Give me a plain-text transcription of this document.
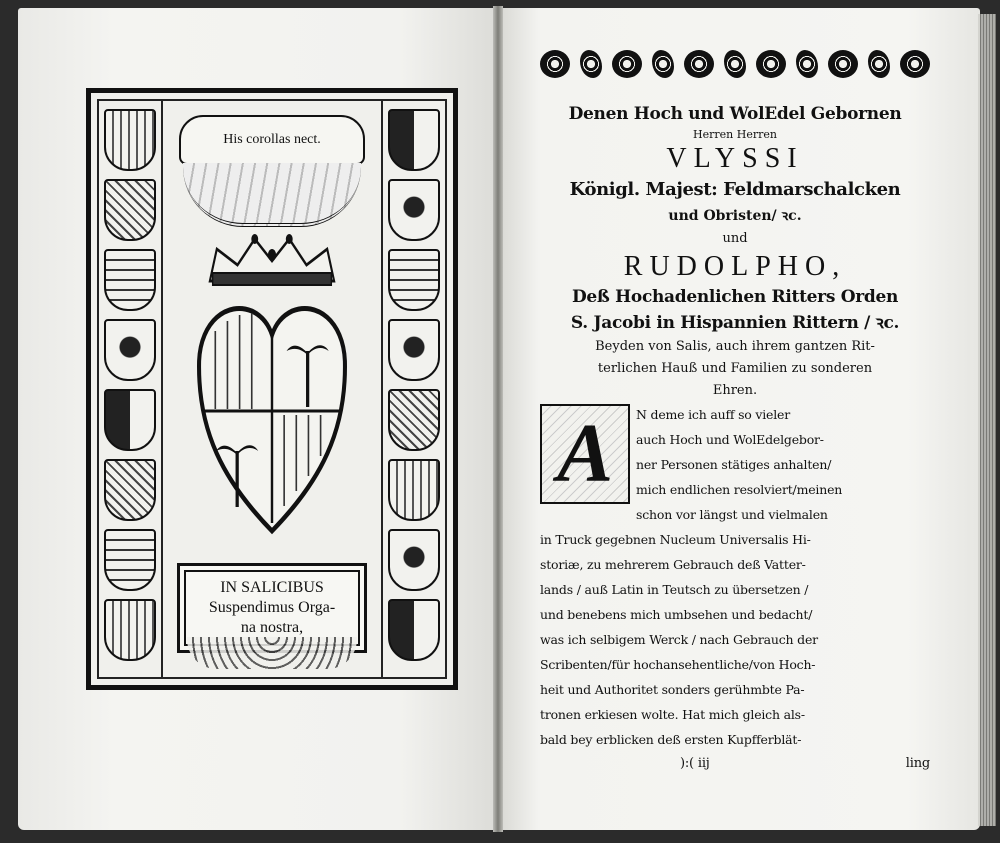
His corollas nect.
IN SALICIBUS
Suspendimus Orga-
na nostra,
Denen Hoch und WolEdel Gebornen
Herren Herren
VLYSSI
Königl. Majest: Feldmarschalcken
und Obristen/ ꝛc.
und
RUDOLPHO,
Deß Hochadenlichen Ritters Orden
S. Jacobi in Hispannien Rittern / ꝛc.
Beyden von Salis, auch ihrem gantzen Rit-
terlichen Hauß und Familien zu sonderen
Ehren.
A	N deme ich auff so vieler
auch Hoch und WolEdelgebor-
ner Personen stätiges anhalten/
mich endlichen resolviert/meinen
schon vor längst und vielmalen
in Truck gegebnen Nucleum Universalis Hi-
storiæ, zu mehrerem Gebrauch deß Vatter-
lands / auß Latin in Teutsch zu übersetzen /
und benebens mich umbsehen und bedacht/
was ich selbigem Werck / nach Gebrauch der
Scribenten/für hochansehentliche/von Hoch-
heit und Authoritet sonders gerühmbte Pa-
tronen erkiesen wolte. Hat mich gleich als-
bald bey erblicken deß ersten Kupfferblät-
):( iij	ling
